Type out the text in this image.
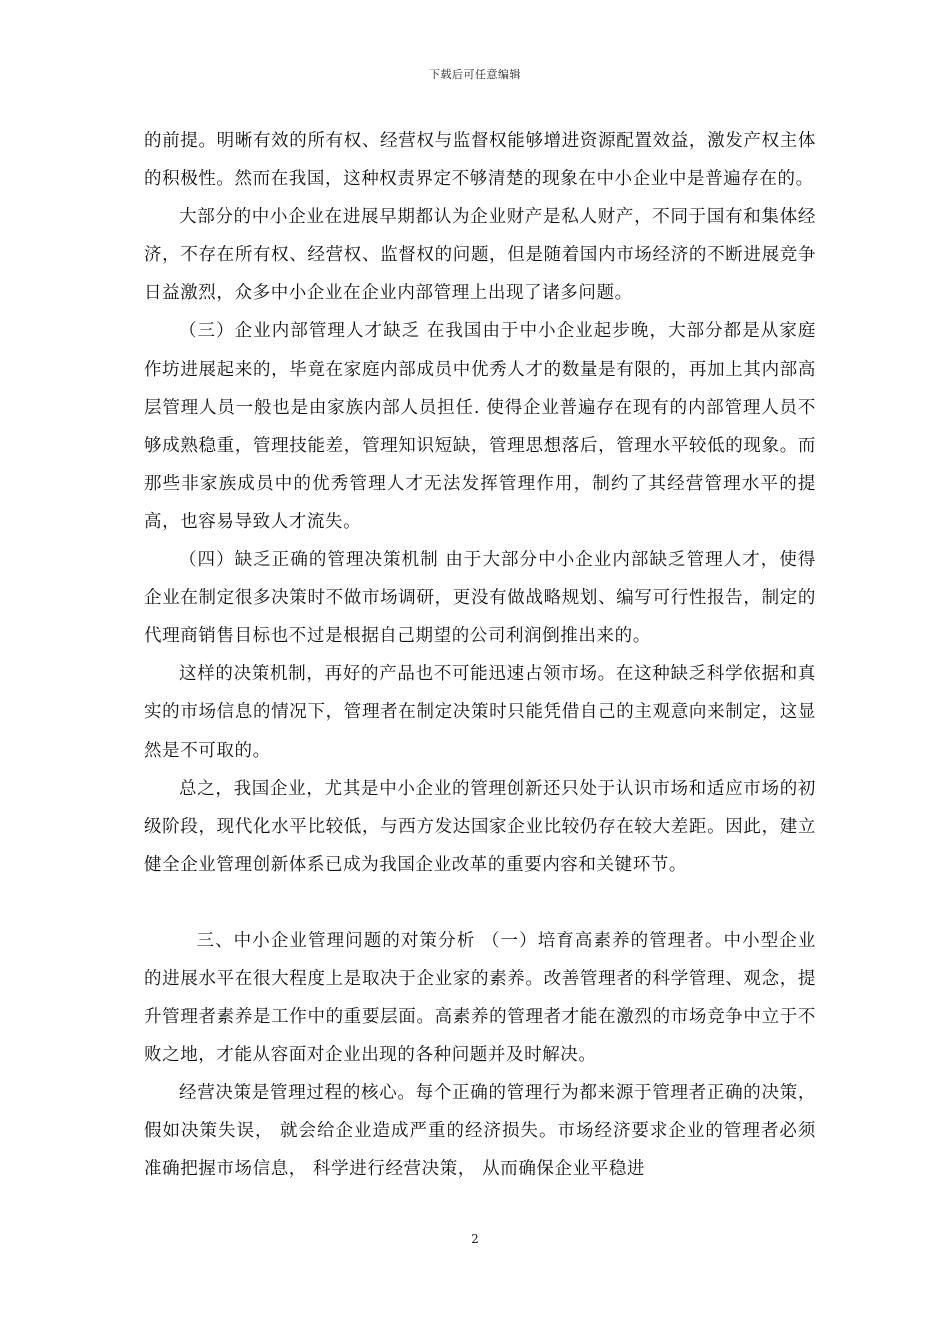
下载后可任意编辑

的前提。明晰有效的所有权、经营权与监督权能够增进资源配置效益，激发产权主体的积极性。然而在我国，这种权责界定不够清楚的现象在中小企业中是普遍存在的。

大部分的中小企业在进展早期都认为企业财产是私人财产，不同于国有和集体经济，不存在所有权、经营权、监督权的问题，但是随着国内市场经济的不断进展竞争日益激烈，众多中小企业在企业内部管理上出现了诸多问题。

（三）企业内部管理人才缺乏 在我国由于中小企业起步晚，大部分都是从家庭作坊进展起来的，毕竟在家庭内部成员中优秀人才的数量是有限的，再加上其内部高层管理人员一般也是由家族内部人员担任. 使得企业普遍存在现有的内部管理人员不够成熟稳重，管理技能差，管理知识短缺，管理思想落后，管理水平较低的现象。而那些非家族成员中的优秀管理人才无法发挥管理作用，制约了其经营管理水平的提高，也容易导致人才流失。

（四）缺乏正确的管理决策机制 由于大部分中小企业内部缺乏管理人才，使得企业在制定很多决策时不做市场调研，更没有做战略规划、编写可行性报告，制定的代理商销售目标也不过是根据自己期望的公司利润倒推出来的。

这样的决策机制，再好的产品也不可能迅速占领市场。在这种缺乏科学依据和真实的市场信息的情况下，管理者在制定决策时只能凭借自己的主观意向来制定，这显然是不可取的。

总之，我国企业，尤其是中小企业的管理创新还只处于认识市场和适应市场的初级阶段，现代化水平比较低，与西方发达国家企业比较仍存在较大差距。因此，建立健全企业管理创新体系已成为我国企业改革的重要内容和关键环节。

三、中小企业管理问题的对策分析 （一）培育高素养的管理者。中小型企业的进展水平在很大程度上是取决于企业家的素养。改善管理者的科学管理、观念，提升管理者素养是工作中的重要层面。高素养的管理者才能在激烈的市场竞争中立于不败之地，才能从容面对企业出现的各种问题并及时解决。

经营决策是管理过程的核心。每个正确的管理行为都来源于管理者正确的决策， 假如决策失误， 就会给企业造成严重的经济损失。市场经济要求企业的管理者必须准确把握市场信息， 科学进行经营决策， 从而确保企业平稳进

2
